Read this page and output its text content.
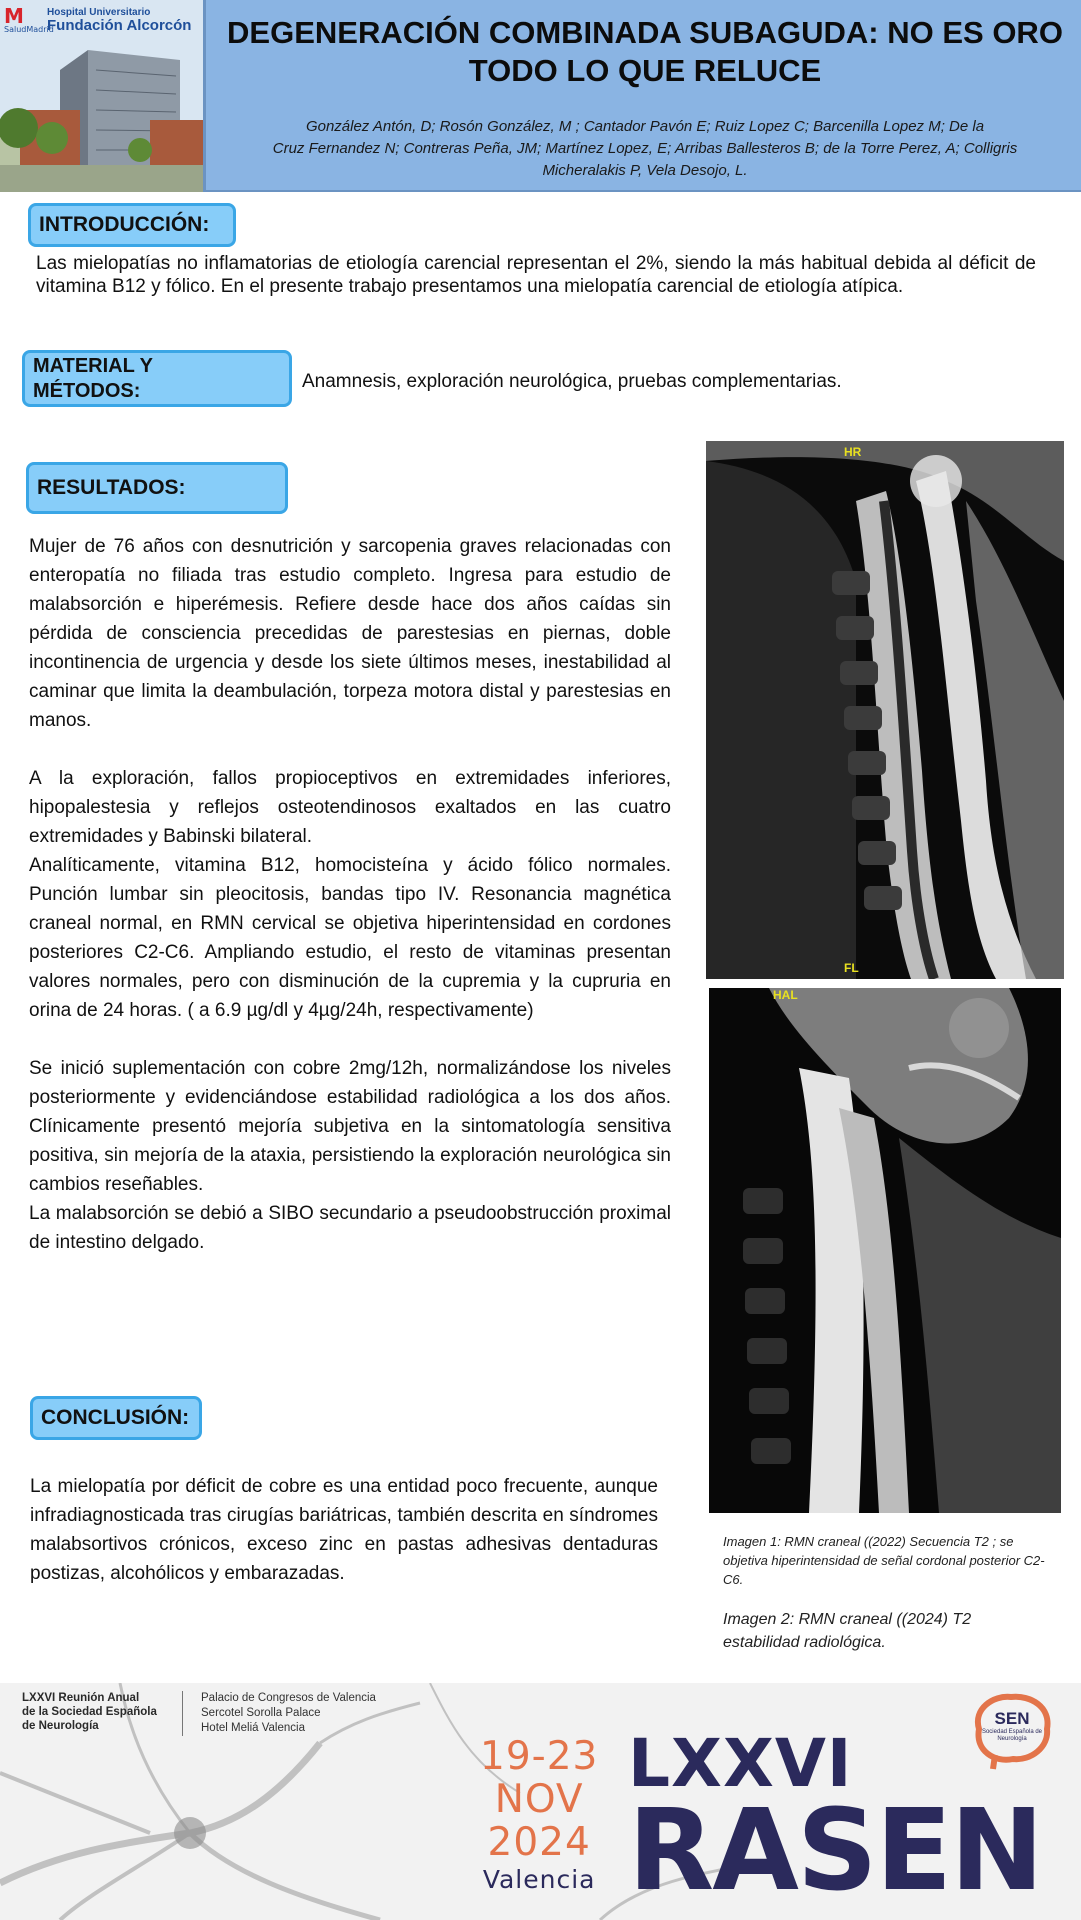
M
SaludMadrid
Hospital Universitario
Fundación Alcorcón	DEGENERACIÓN COMBINADA SUBAGUDA: NO ES ORO
TODO LO QUE RELUCE
González Antón, D; Rosón González, M ; Cantador Pavón E; Ruiz Lopez C; Barcenilla Lopez M; De la
Cruz Fernandez N; Contreras Peña, JM; Martínez Lopez, E; Arribas Ballesteros B; de la Torre Perez, A; Colligris
Micheralakis P, Vela Desojo, L.
INTRODUCCIÓN:
Las mielopatías no inflamatorias de etiología carencial representan el 2%, siendo la más habitual debida al déficit de vitamina B12 y fólico. En el presente trabajo presentamos una mielopatía carencial de etiología atípica.
MATERIAL Y
MÉTODOS:	Anamnesis, exploración neurológica, pruebas complementarias.
RESULTADOS:

Mujer de 76 años con desnutrición y sarcopenia graves relacionadas con enteropatía no filiada tras estudio completo. Ingresa para estudio de malabsorción e hiperémesis. Refiere desde hace dos años caídas sin pérdida de consciencia precedidas de parestesias en piernas, doble incontinencia de urgencia y desde los siete últimos meses, inestabilidad al caminar que limita la deambulación, torpeza motora distal y parestesias en manos.

A la exploración, fallos propioceptivos en extremidades inferiores, hipopalestesia y reflejos osteotendinosos exaltados en las cuatro extremidades y Babinski bilateral.

Analíticamente, vitamina B12, homocisteína y ácido fólico normales. Punción lumbar sin pleocitosis, bandas tipo IV. Resonancia magnética craneal normal, en RMN cervical se objetiva hiperintensidad en cordones posteriores C2-C6. Ampliando estudio, el resto de vitaminas presentan valores normales, pero con disminución de la cupremia y la cupruria en orina de 24 horas. ( a 6.9 µg/dl y 4µg/24h, respectivamente)

Se inició suplementación con cobre 2mg/12h, normalizándose los niveles posteriormente y evidenciándose estabilidad radiológica a los dos años. Clínicamente presentó mejoría subjetiva en la sintomatología sensitiva positiva, sin mejoría de la ataxia, persistiendo la exploración neurológica sin cambios reseñables.

La malabsorción se debió a SIBO secundario a pseudoobstrucción proximal de intestino delgado.

CONCLUSIÓN:
La mielopatía por déficit de cobre es una entidad poco frecuente, aunque infradiagnosticada tras cirugías bariátricas, también descrita en síndromes malabsortivos crónicos, exceso zinc en pastas adhesivas dentaduras postizas, alcohólicos y embarazadas.
HR
FL
HAL
Imagen 1: RMN craneal ((2022) Secuencia T2 ; se objetiva hiperintensidad de señal cordonal posterior C2-C6.
Imagen 2: RMN craneal ((2024) T2 estabilidad radiológica.
LXXVI Reunión Anual
de la Sociedad Española
de Neurología
Palacio de Congresos de Valencia
Sercotel Sorolla Palace
Hotel Meliá Valencia
19-23
NOV
2024
Valencia
LXXVI
RASEN
SEN
Sociedad Española de Neurología
